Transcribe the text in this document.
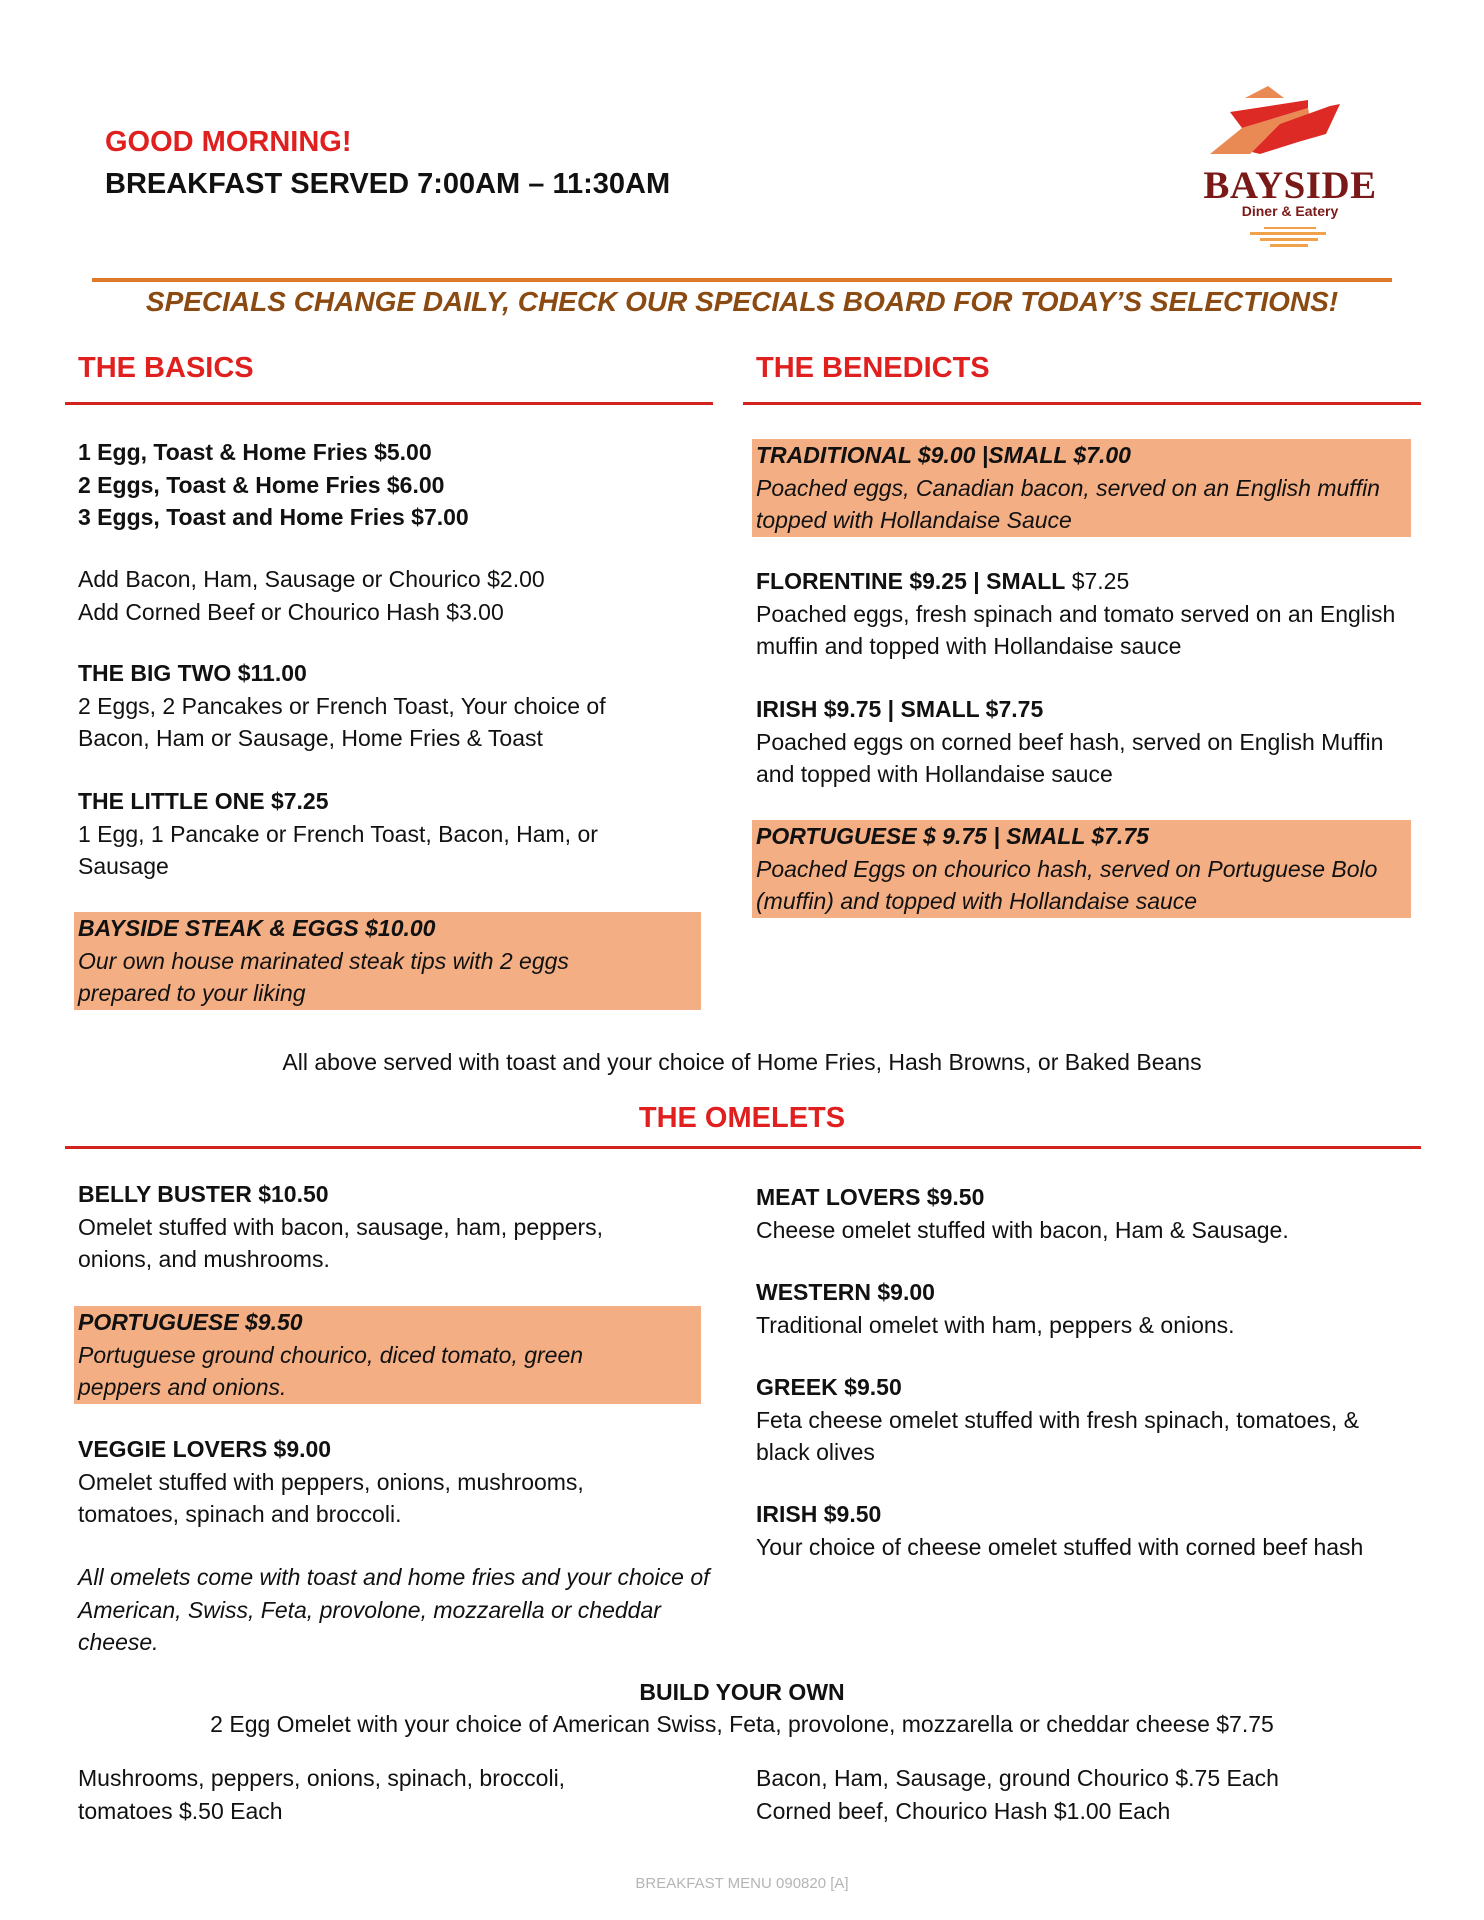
GOOD MORNING!
BREAKFAST SERVED 7:00AM – 11:30AM	BAYSIDE
Diner & Eatery
SPECIALS CHANGE DAILY, CHECK OUR SPECIALS BOARD FOR TODAY’S SELECTIONS!
THE BASICS
1 Egg, Toast & Home Fries $5.00
2 Eggs, Toast & Home Fries $6.00
3 Eggs, Toast and Home Fries $7.00
Add Bacon, Ham, Sausage or Chourico $2.00
Add Corned Beef or Chourico Hash $3.00
THE BIG TWO $11.00
2 Eggs, 2 Pancakes or French Toast, Your choice of Bacon, Ham or Sausage, Home Fries & Toast
THE LITTLE ONE $7.25
1 Egg, 1 Pancake or French Toast, Bacon, Ham, or Sausage
BAYSIDE STEAK & EGGS $10.00
Our own house marinated steak tips with 2 eggs prepared to your liking
THE BENEDICTS
TRADITIONAL $9.00 |SMALL $7.00
Poached eggs, Canadian bacon, served on an English muffin topped with Hollandaise Sauce
FLORENTINE $9.25 | SMALL $7.25
Poached eggs, fresh spinach and tomato served on an English muffin and topped with Hollandaise sauce
IRISH $9.75 | SMALL $7.75
Poached eggs on corned beef hash, served on English Muffin and topped with Hollandaise sauce
PORTUGUESE $ 9.75 | SMALL $7.75
Poached Eggs on chourico hash, served on Portuguese Bolo (muffin) and topped with Hollandaise sauce
All above served with toast and your choice of Home Fries, Hash Browns, or Baked Beans
THE OMELETS
BELLY BUSTER $10.50
Omelet stuffed with bacon, sausage, ham, peppers, onions, and mushrooms.
PORTUGUESE $9.50
Portuguese ground chourico, diced tomato, green peppers and onions.
VEGGIE LOVERS $9.00
Omelet stuffed with peppers, onions, mushrooms, tomatoes, spinach and broccoli.
All omelets come with toast and home fries and your choice of American, Swiss, Feta, provolone, mozzarella or cheddar cheese.
MEAT LOVERS $9.50
Cheese omelet stuffed with bacon, Ham & Sausage.
WESTERN $9.00
Traditional omelet with ham, peppers & onions.
GREEK $9.50
Feta cheese omelet stuffed with fresh spinach, tomatoes, & black olives
IRISH $9.50
Your choice of cheese omelet stuffed with corned beef hash
BUILD YOUR OWN
2 Egg Omelet with your choice of American Swiss, Feta, provolone, mozzarella or cheddar cheese $7.75
Mushrooms, peppers, onions, spinach, broccoli, tomatoes $.50 Each
Bacon, Ham, Sausage, ground Chourico $.75 Each
Corned beef, Chourico Hash $1.00 Each
BREAKFAST MENU 090820 [A]
